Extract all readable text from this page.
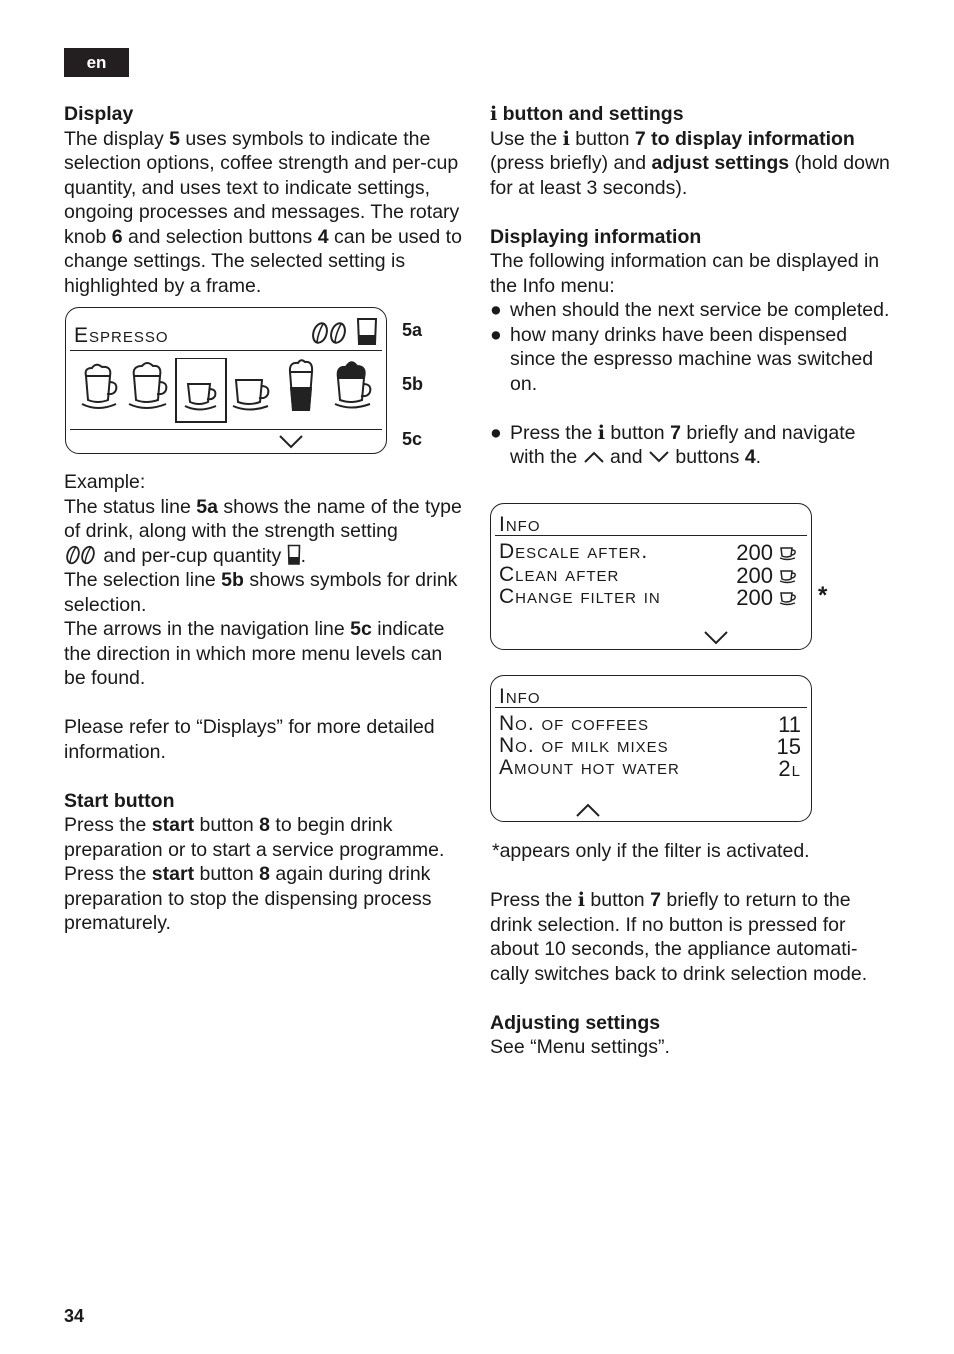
en

Display

The display 5 uses symbols to indicate the selection options, coffee strength and per-cup quantity, and uses text to indicate settings, ongoing processes and messages. The rotary knob 6 and selection buttons 4 can be used to change settings. The selected setting is highlighted by a frame.

Espresso	5a
5b
5c

Example:

The status line 5a shows the name of the type of drink, along with the strength setting
and per-cup quantity .

The selection line 5b shows symbols for drink selection.

The arrows in the navigation line 5c indicate the direction in which more menu levels can be found.

Please refer to “Displays” for more detailed information.

Start button

Press the start button 8 to begin drink preparation or to start a service programme.

Press the start button 8 again during drink preparation to stop the dispensing process prematurely.

i button and settings

Use the i button 7 to display information (press briefly) and adjust settings (hold down for at least 3 seconds).

Displaying information

The following information can be displayed in the Info menu:

● when should the next service be completed.

● how many drinks have been dispensed since the espresso machine was switched on.

● Press the i button 7 briefly and navigate with the  and  buttons 4.

Info
Descale after.	200
Clean after	200
Change filter in	200 *
Info
No. of coffees	11
No. of milk mixes	15
Amount hot water	2l

*appears only if the filter is activated.

Press the i button 7 briefly to return to the drink selection. If no button is pressed for about 10 seconds, the appliance automatically switches back to drink selection mode.

Adjusting settings

See “Menu settings”.

34
